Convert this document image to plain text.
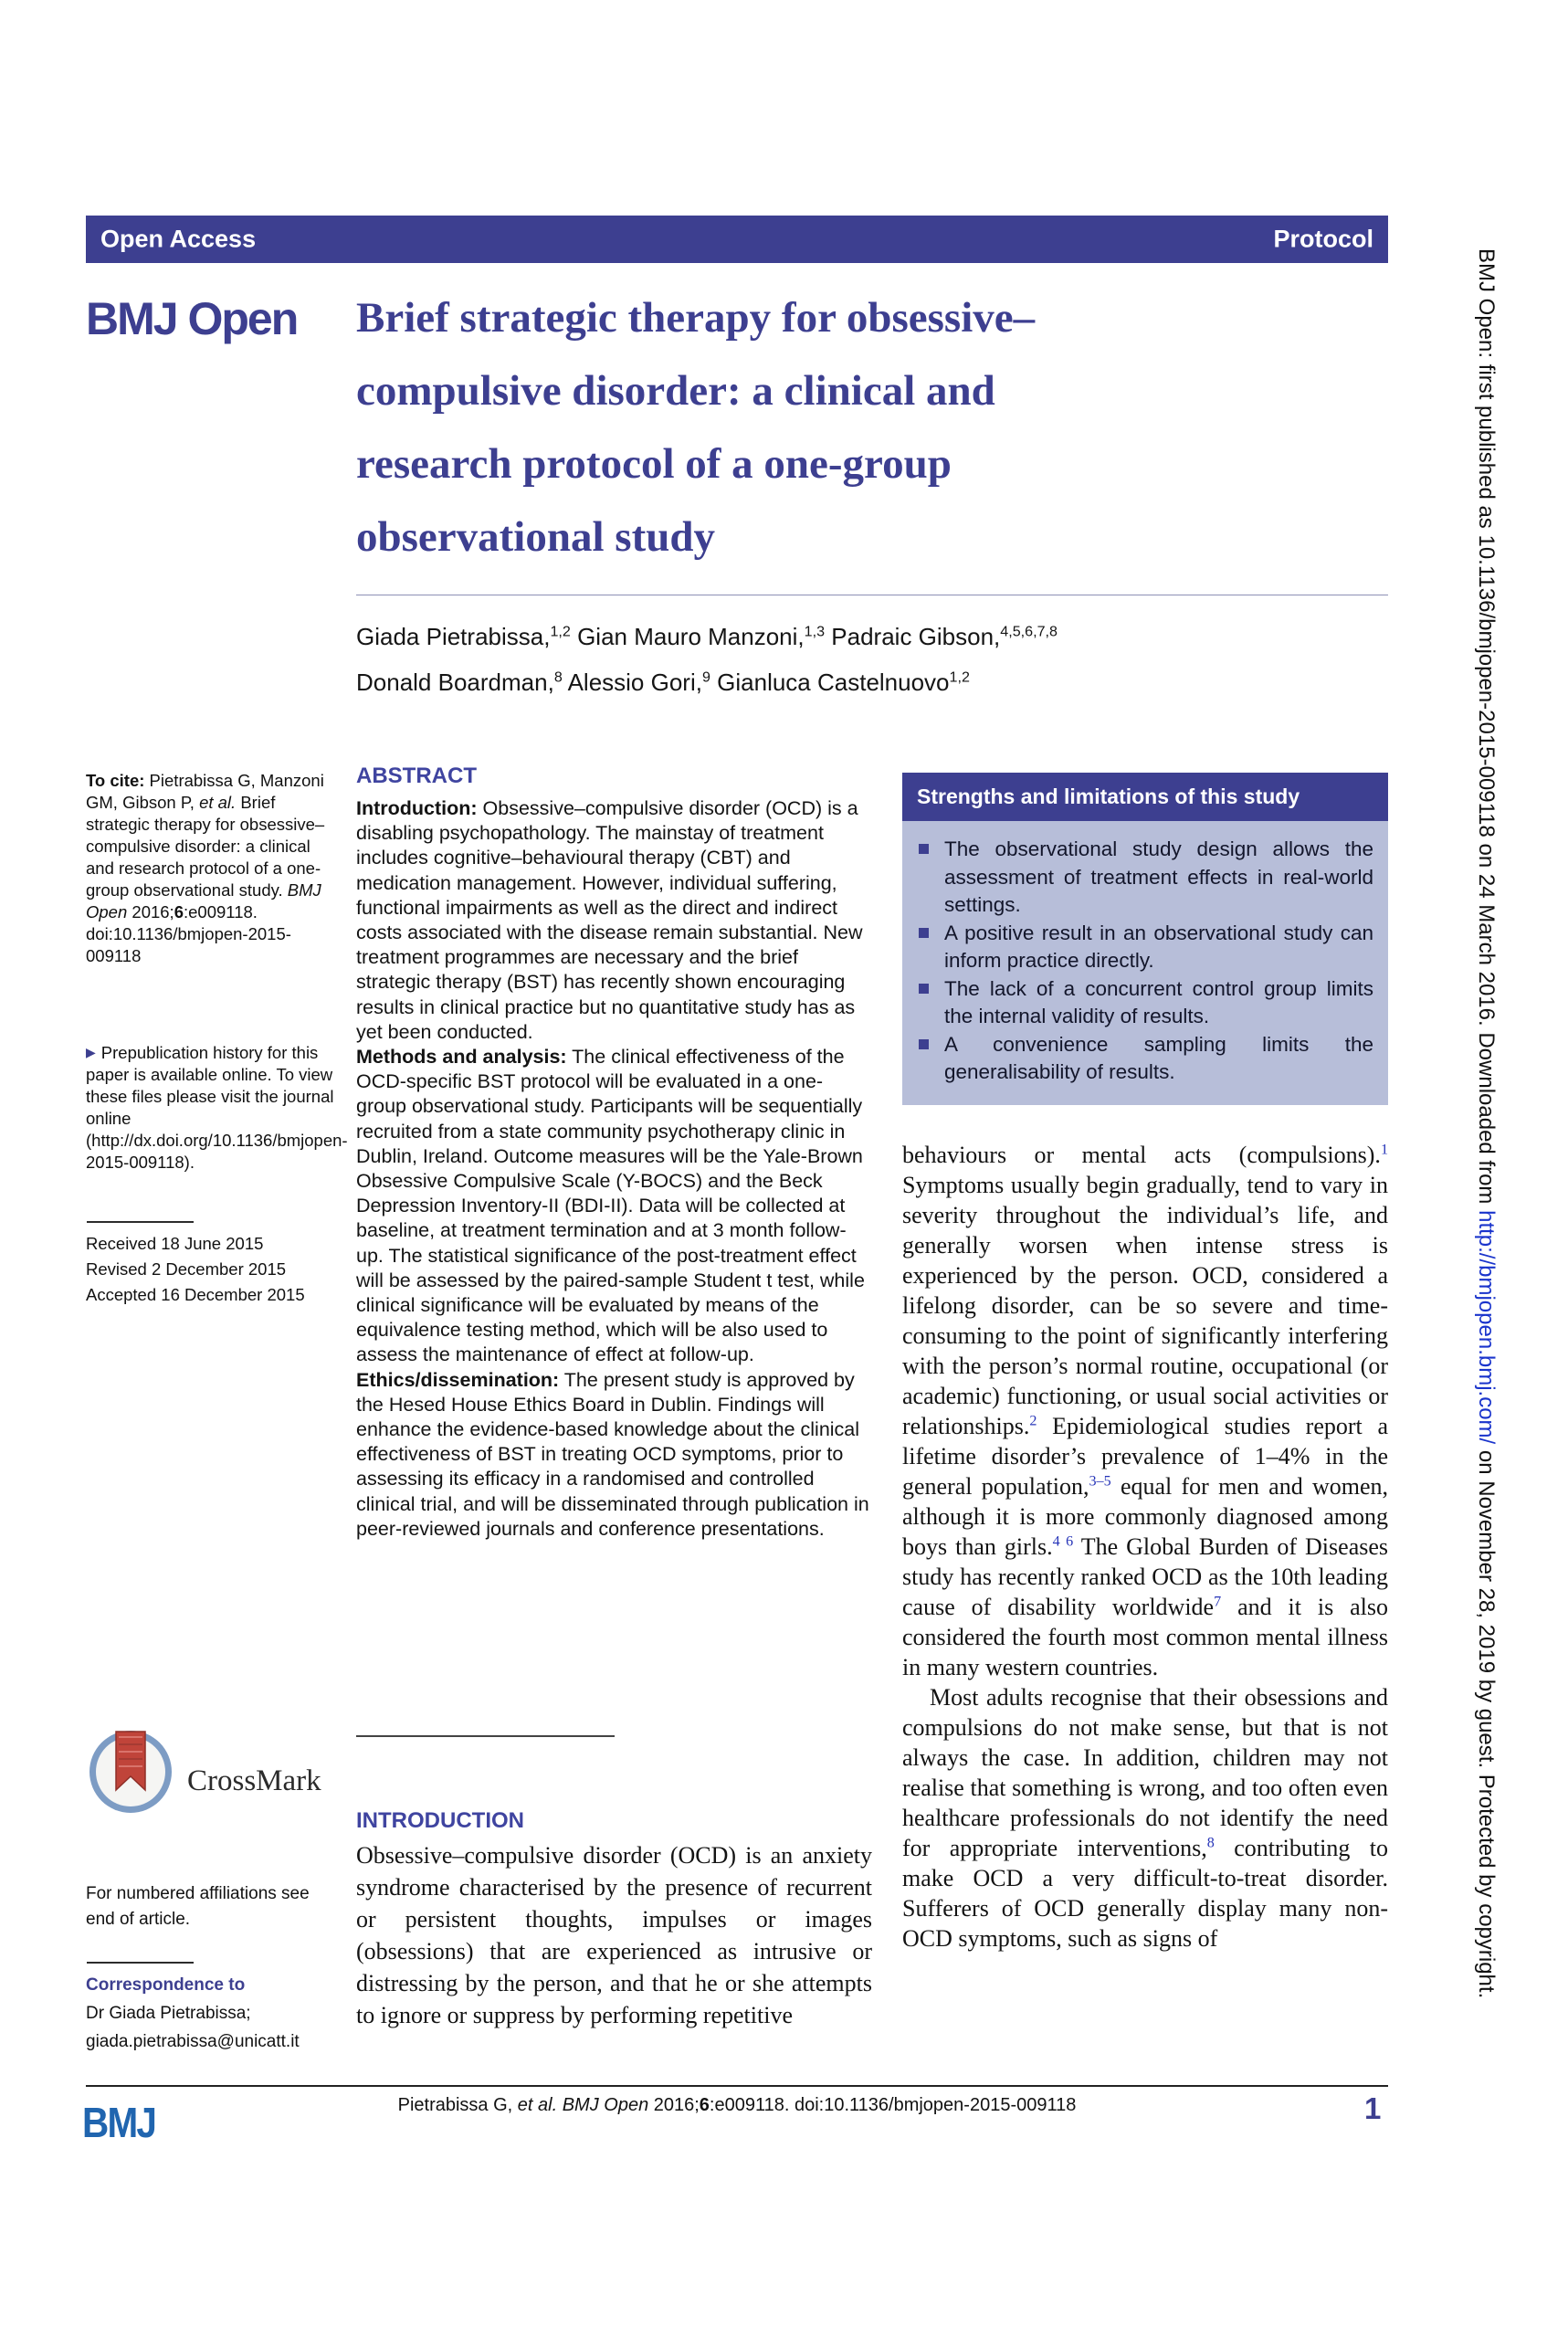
Open Access	Protocol
BMJ Open Brief strategic therapy for obsessive–
compulsive disorder: a clinical and
research protocol of a one-group
observational study
Giada Pietrabissa,$^{1,2}$ Gian Mauro Manzoni,$^{1,3}$ Padraic Gibson,$^{4,5,6,7,8}$
Donald Boardman,$^8$ Alessio Gori,$^9$ Gianluca Castelnuovo$^{1,2}$
To cite: Pietrabissa G, Manzoni GM, Gibson P, et al. Brief strategic therapy for obsessive–compulsive disorder: a clinical and research protocol of a one-group observational study. BMJ Open 2016;6:e009118. doi:10.1136/bmjopen-2015-009118
▶ Prepublication history for this paper is available online. To view these files please visit the journal online (http://dx.doi.org/10.1136/bmjopen-2015-009118).
Received 18 June 2015
Revised 2 December 2015
Accepted 16 December 2015
CrossMark
For numbered affiliations see end of article.
Correspondence to
Dr Giada Pietrabissa;
giada.pietrabissa@unicatt.it
ABSTRACT

Introduction: Obsessive–compulsive disorder (OCD) is a disabling psychopathology. The mainstay of treatment includes cognitive–behavioural therapy (CBT) and medication management. However, individual suffering, functional impairments as well as the direct and indirect costs associated with the disease remain substantial. New treatment programmes are necessary and the brief strategic therapy (BST) has recently shown encouraging results in clinical practice but no quantitative study has as yet been conducted.

Methods and analysis: The clinical effectiveness of the OCD-specific BST protocol will be evaluated in a one-group observational study. Participants will be sequentially recruited from a state community psychotherapy clinic in Dublin, Ireland. Outcome measures will be the Yale-Brown Obsessive Compulsive Scale (Y-BOCS) and the Beck Depression Inventory-II (BDI-II). Data will be collected at baseline, at treatment termination and at 3 month follow-up. The statistical significance of the post-treatment effect will be assessed by the paired-sample Student t test, while clinical significance will be evaluated by means of the equivalence testing method, which will be also used to assess the maintenance of effect at follow-up.

Ethics/dissemination: The present study is approved by the Hesed House Ethics Board in Dublin. Findings will enhance the evidence-based knowledge about the clinical effectiveness of BST in treating OCD symptoms, prior to assessing its efficacy in a randomised and controlled clinical trial, and will be disseminated through publication in peer-reviewed journals and conference presentations.

INTRODUCTION
Obsessive–compulsive disorder (OCD) is an anxiety syndrome characterised by the presence of recurrent or persistent thoughts, impulses or images (obsessions) that are experienced as intrusive or distressing by the person, and that he or she attempts to ignore or suppress by performing repetitive
Strengths and limitations of this study
The observational study design allows the assessment of treatment effects in real-world settings.
A positive result in an observational study can inform practice directly.
The lack of a concurrent control group limits the internal validity of results.
A convenience sampling limits the generalisability of results.

behaviours or mental acts (compulsions).$^1$ Symptoms usually begin gradually, tend to vary in severity throughout the individual’s life, and generally worsen when intense stress is experienced by the person. OCD, considered a lifelong disorder, can be so severe and time-consuming to the point of significantly interfering with the person’s normal routine, occupational (or academic) functioning, or usual social activities or relationships.$^2$ Epidemiological studies report a lifetime disorder’s prevalence of 1–4% in the general population,$^{3-5}$ equal for men and women, although it is more commonly diagnosed among boys than girls.$^{4 6}$ The Global Burden of Diseases study has recently ranked OCD as the 10th leading cause of disability worldwide$^7$ and it is also considered the fourth most common mental illness in many western countries.

Most adults recognise that their obsessions and compulsions do not make sense, but that is not always the case. In addition, children may not realise that something is wrong, and too often even healthcare professionals do not identify the need for appropriate interventions,$^8$ contributing to make OCD a very difficult-to-treat disorder. Sufferers of OCD generally display many non-OCD symptoms, such as signs of

BMJ	Pietrabissa G, et al. BMJ Open 2016;6:e009118. doi:10.1136/bmjopen-2015-009118	1
BMJ Open: first published as 10.1136/bmjopen-2015-009118 on 24 March 2016. Downloaded from http://bmjopen.bmj.com/ on November 28, 2019 by guest. Protected by copyright.
